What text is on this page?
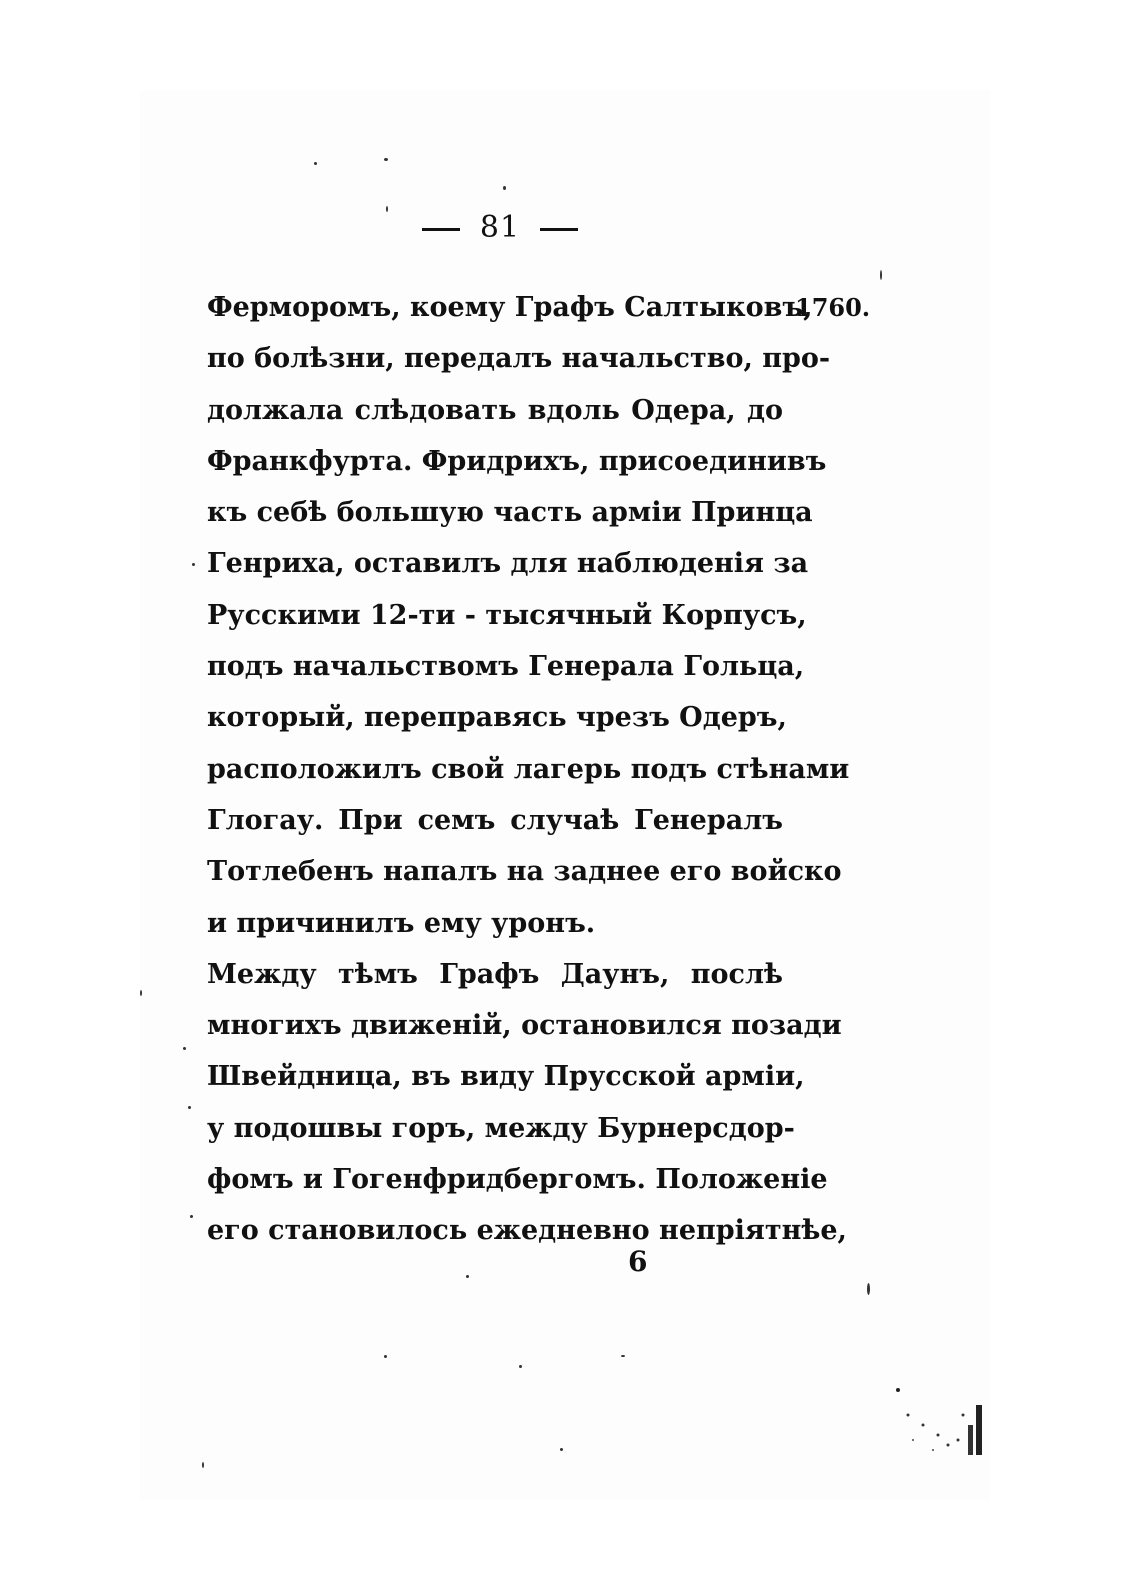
81
1760.
Ферморомъ, коему Графъ Салтыковъ,
по болѣзни, передалъ начальство, про-
должала слѣдовать вдоль Одера, до
Франкфурта. Фридрихъ, присоединивъ
къ себѣ большую часть арміи Принца
Генриха, оставилъ для наблюденія за
Русскими 12-ти - тысячный Корпусъ,
подъ начальствомъ Генерала Гольца,
который, переправясь чрезъ Одеръ,
расположилъ свой лагерь подъ стѣнами
Глогау. При семъ случаѣ Генералъ
Тотлебенъ напалъ на заднее его войско
и причинилъ ему уронъ.
Между тѣмъ Графъ Даунъ, послѣ
многихъ движеній, остановился позади
Швейдница, въ виду Прусской арміи,
у подошвы горъ, между Бурнерсдор-
фомъ и Гогенфридбергомъ. Положеніе
его становилось ежедневно непріятнѣе,
6
